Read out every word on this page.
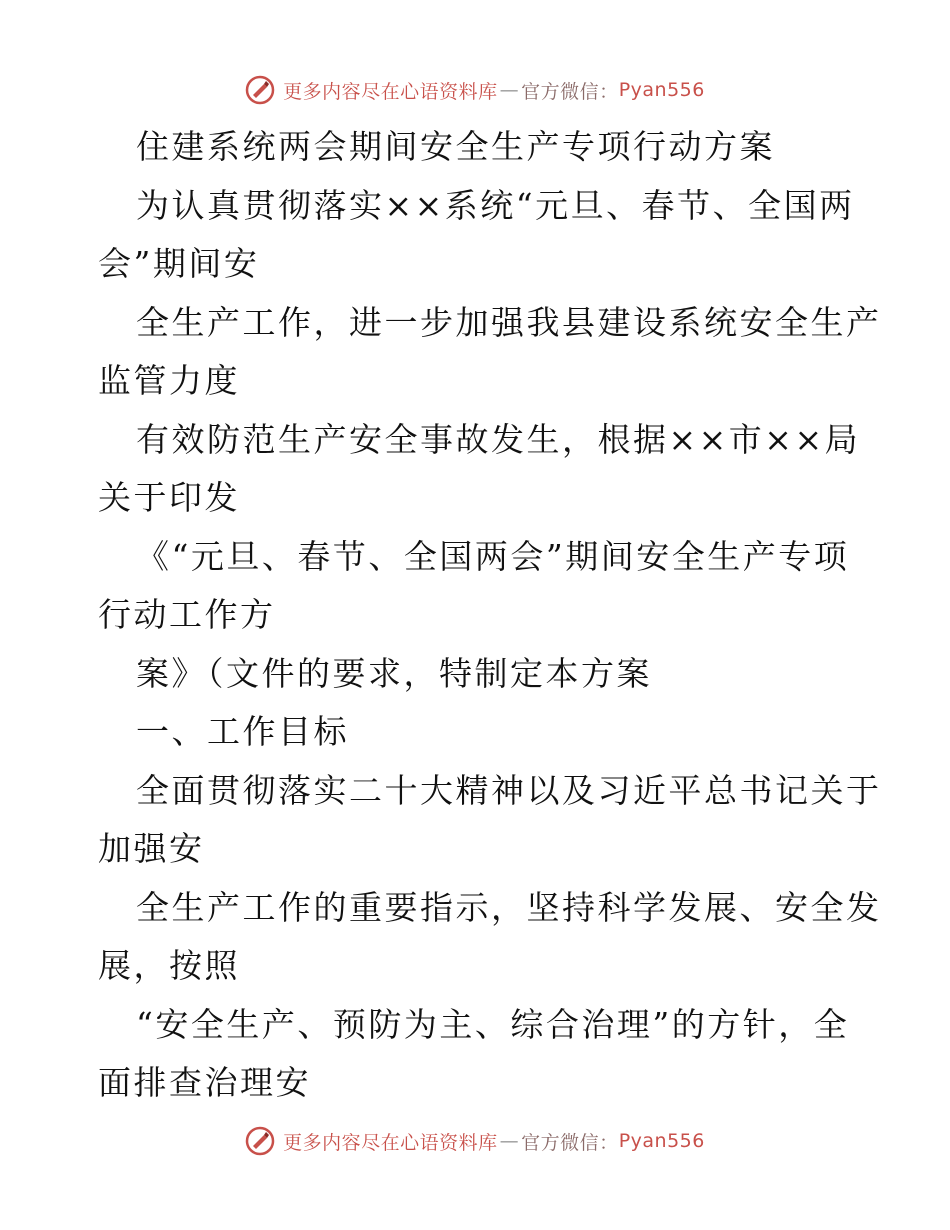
更多内容尽在心语资料库 — 官方微信： Pyan556
住建系统两会期间安全生产专项行动方案
为认真贯彻落实××系统“元旦、春节、全国两
会”期间安
全生产工作，进一步加强我县建设系统安全生产
监管力度
有效防范生产安全事故发生，根据××市××局
关于印发
《“元旦、春节、全国两会”期间安全生产专项
行动工作方
案》（文件的要求，特制定本方案
一、工作目标
全面贯彻落实二十大精神以及习近平总书记关于
加强安
全生产工作的重要指示，坚持科学发展、安全发
展，按照
“安全生产、预防为主、综合治理”的方针，全
面排查治理安
更多内容尽在心语资料库 — 官方微信： Pyan556
